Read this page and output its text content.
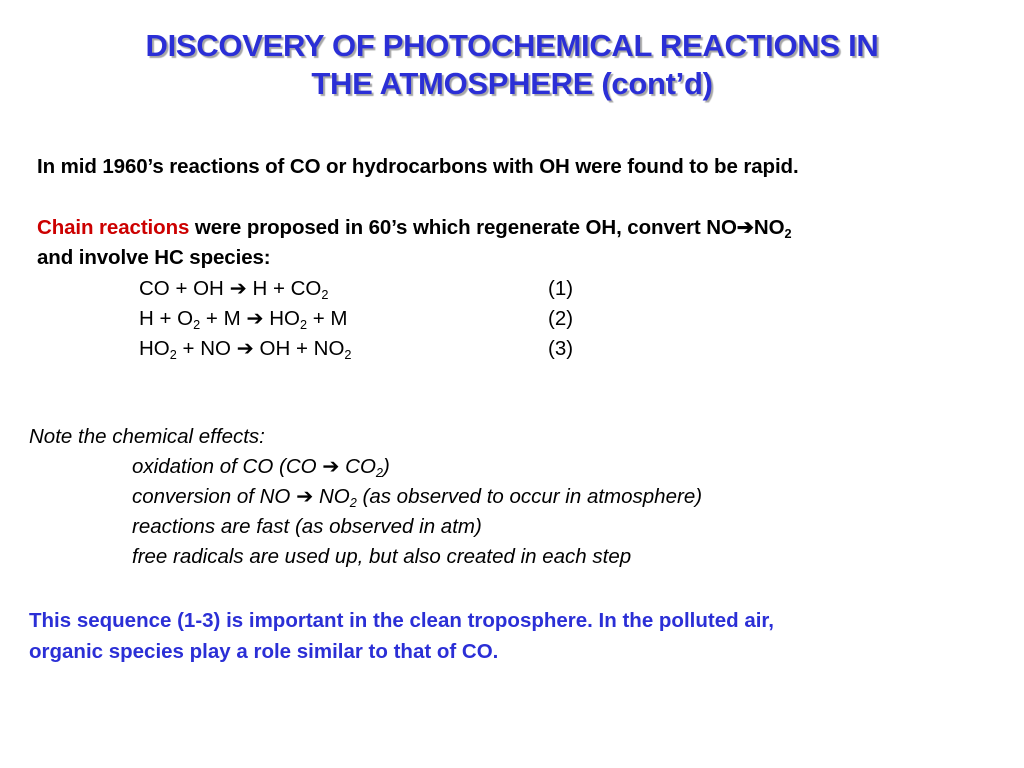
DISCOVERY OF PHOTOCHEMICAL REACTIONS IN
THE ATMOSPHERE (cont’d)
In mid 1960’s reactions of CO or hydrocarbons with OH were found to be rapid.
Chain reactions were proposed in 60’s which regenerate OH, convert $NO➔NO_2$
and involve HC species:
CO + OH ➔ $H + CO_2$	(1)
$H + O_2 + M$ ➔ $HO_2 + M$	(2)
$HO_2$ + NO ➔ OH + $NO_2$	(3)
Note the chemical effects:
oxidation of CO (CO ➔ $CO_2$)
conversion of NO ➔ $NO_2$ (as observed to occur in atmosphere)
reactions are fast (as observed in atm)
free radicals are used up, but also created in each step
This sequence (1-3) is important in the clean troposphere. In the polluted air,
organic species play a role similar to that of CO.
